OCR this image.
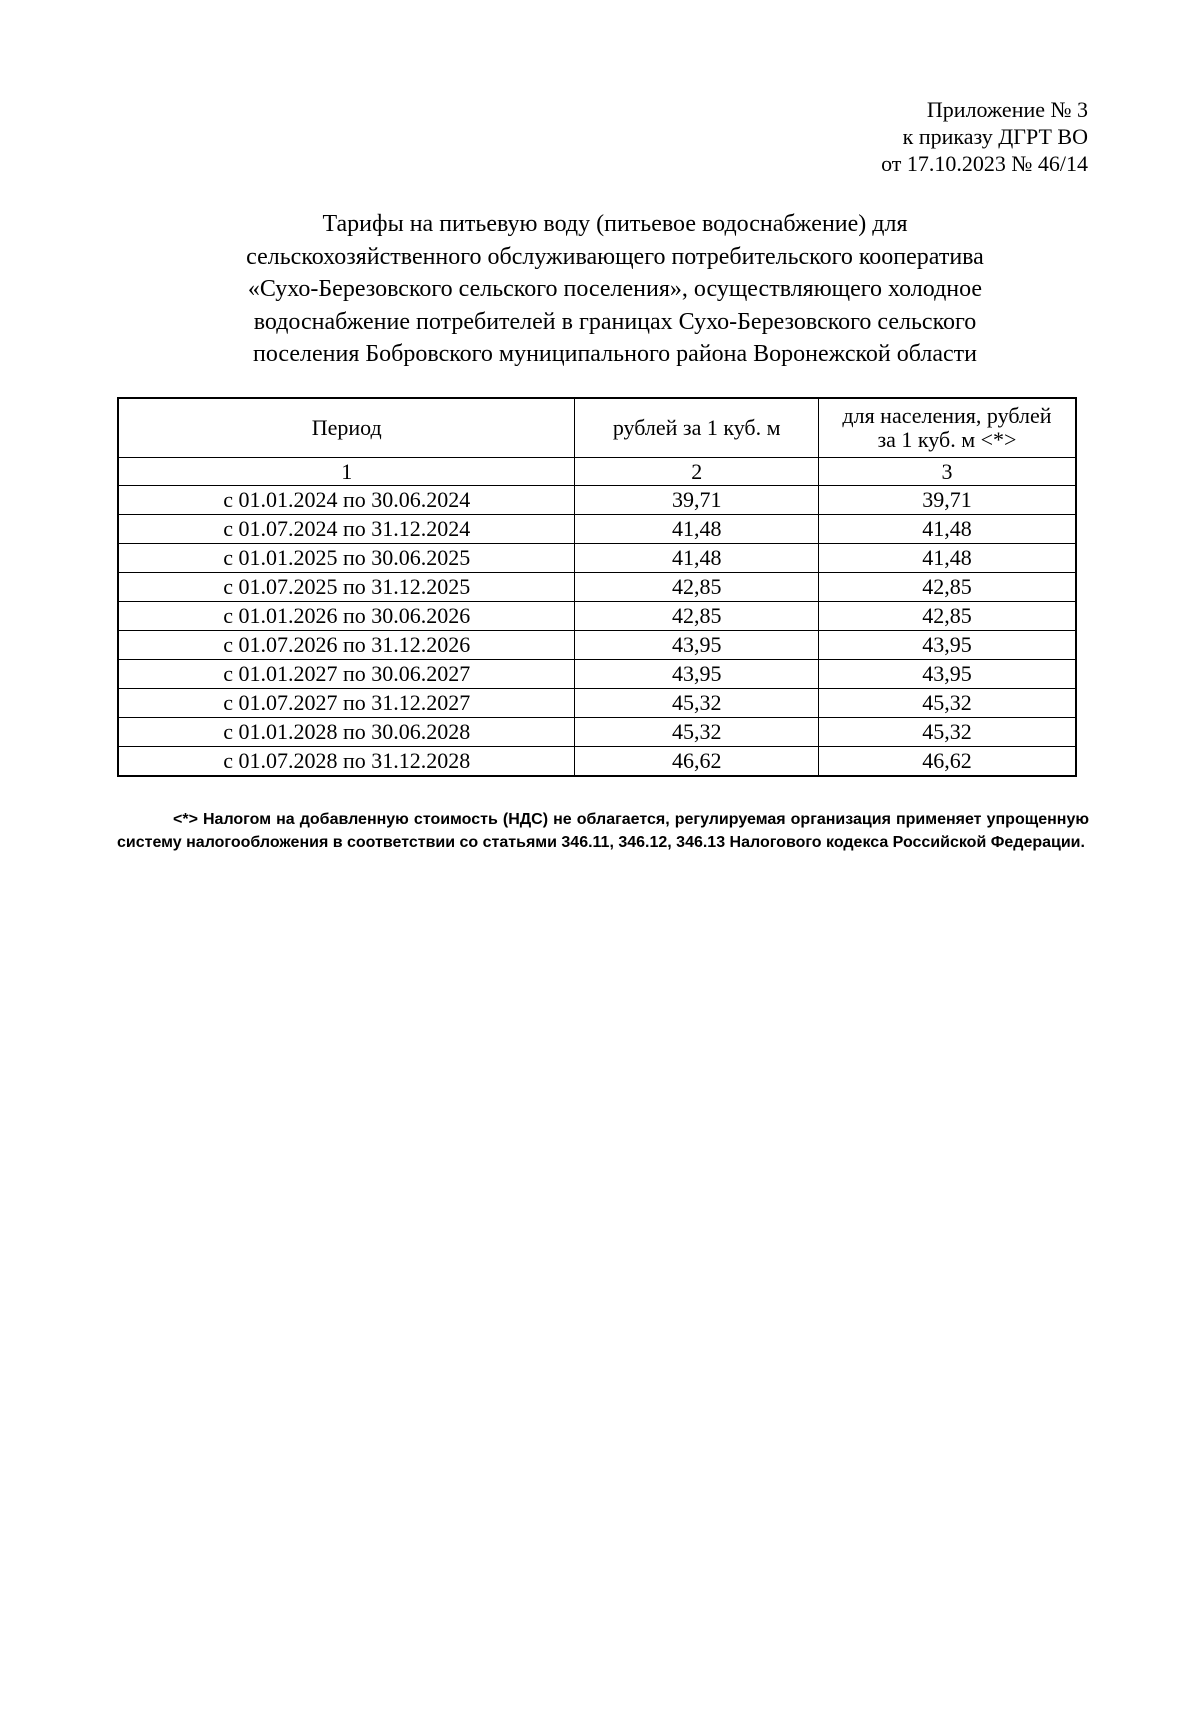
Приложение № 3
к приказу ДГРТ ВО
от 17.10.2023 № 46/14
Тарифы на питьевую воду (питьевое водоснабжение) для
сельскохозяйственного обслуживающего потребительского кооператива
«Сухо-Березовского сельского поселения», осуществляющего холодное
водоснабжение потребителей в границах Сухо-Березовского сельского
поселения Бобровского муниципального района Воронежской области
Период	рублей за 1 куб. м	для населения, рублей
за 1 куб. м <*>

1	2	3
с 01.01.2024 по 30.06.2024	39,71	39,71
с 01.07.2024 по 31.12.2024	41,48	41,48
с 01.01.2025 по 30.06.2025	41,48	41,48
с 01.07.2025 по 31.12.2025	42,85	42,85
с 01.01.2026 по 30.06.2026	42,85	42,85
с 01.07.2026 по 31.12.2026	43,95	43,95
с 01.01.2027 по 30.06.2027	43,95	43,95
с 01.07.2027 по 31.12.2027	45,32	45,32
с 01.01.2028 по 30.06.2028	45,32	45,32
с 01.07.2028 по 31.12.2028	46,62	46,62
<*> Налогом на добавленную стоимость (НДС) не облагается, регулируемая организация применяет упрощенную систему налогообложения в соответствии со статьями 346.11, 346.12, 346.13 Налогового кодекса Российской Федерации.
